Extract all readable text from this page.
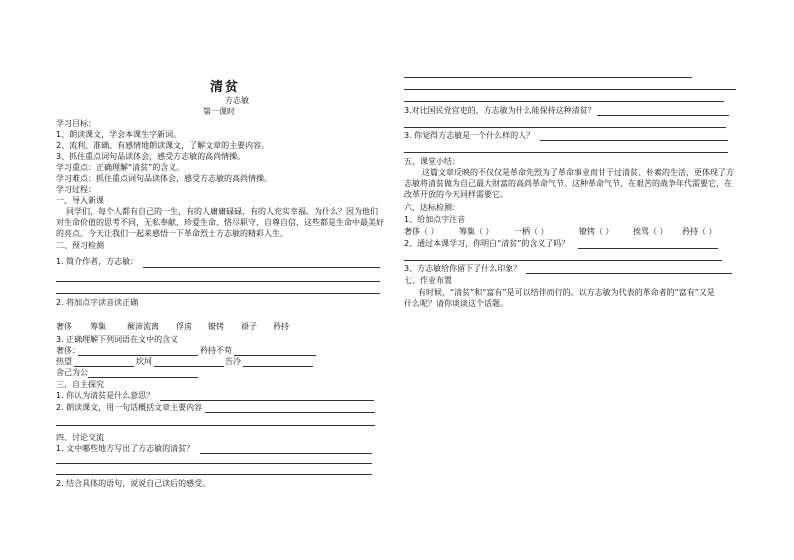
清贫
方志敏
第一课时
学习目标：
1、朗读课文，学会本课生字新词。
2、流利、准确、有感情地朗读课文，了解文章的主要内容。
3、抓住重点词句品读体会，感受方志敏的高尚情操。
学习重点：正确理解“清贫”的含义。
学习难点：抓住重点词句品读体会，感受方志敏的高尚情操。
学习过程：
一、导入新课
同学们，每个人都有自己的一生，有的人庸庸碌碌，有的人充实幸福。为什么？因为他们
对生命价值的思考不同，无私奉献、珍爱生命、恪尽职守、自尊自信，这些都是生命中最美好
的亮点。今天让我们一起来感悟一下革命烈士方志敏的精彩人生。
二、预习检测
1. 简介作者，方志敏：
2. 将加点字读音读正确
奢侈 筹集	颠沛流离 俘虏 镣铐 褂子 矜持
3. 正确理解下列词语在文中的含义
奢侈：	矜持不苟
热望	坎坷	告冷
舍己为公
三、自主探究
1. 你认为清贫是什么意思？
2. 朗读课文，用一句话概括文章主要内容
四、讨论交流
1. 文中哪些地方写出了方志敏的清贫？
2. 结合具体的语句，说说自己读后的感受。
3.对比国民党官吏的，方志敏为什么能保持这种清贫？
3. 你觉得方志敏是一个什么样的人？
五、课堂小结：
这篇文章反映的不仅仅是革命先烈为了革命事业而甘于过清贫、朴素的生活，更体现了方
志敏将清贫做为自己最大财富的高尚革命气节。这种革命气节，在艰苦的战争年代需要它，在
改革开放的今天同样需要它。
六、达标检测：
1、给加点字注音
奢侈（ ）	筹集（ ）	一柄（ ）	镣铐（ ） 挨骂（ ） 矜持（ ）
2、通过本课学习，你明白“清贫”的含义了吗？
3、方志敏给你留下了什么印象？
七、作业布置
有时候，“清贫”和“富有”是可以结伴而行的。以方志敏为代表的革命者的“富有”又是
什么呢？请你谈谈这个话题。
